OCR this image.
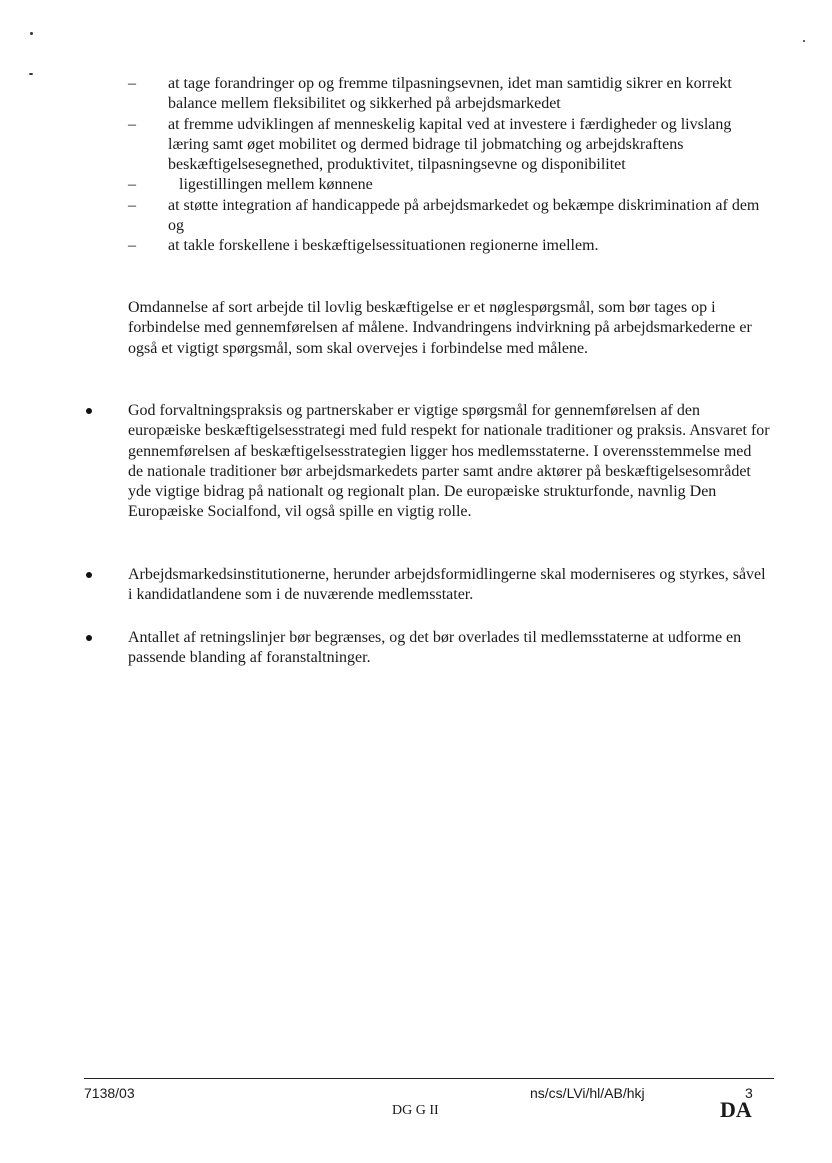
– at tage forandringer op og fremme tilpasningsevnen, idet man samtidig sikrer en korrekt balance mellem fleksibilitet og sikkerhed på arbejdsmarkedet
– at fremme udviklingen af menneskelig kapital ved at investere i færdigheder og livslang læring samt øget mobilitet og dermed bidrage til jobmatching og arbejdskraftens beskæftigelsesegnethed, produktivitet, tilpasningsevne og disponibilitet
–	ligestillingen mellem kønnene
– at støtte integration af handicappede på arbejdsmarkedet og bekæmpe diskrimination af dem og
– at takle forskellene i beskæftigelsessituationen regionerne imellem.

Omdannelse af sort arbejde til lovlig beskæftigelse er et nøglespørgsmål, som bør tages op i forbindelse med gennemførelsen af målene. Indvandringens indvirkning på arbejdsmarkederne er også et vigtigt spørgsmål, som skal overvejes i forbindelse med målene.

God forvaltningspraksis og partnerskaber er vigtige spørgsmål for gennemførelsen af den europæiske beskæftigelsesstrategi med fuld respekt for nationale traditioner og praksis. Ansvaret for gennemførelsen af beskæftigelsesstrategien ligger hos medlemsstaterne. I overensstemmelse med de nationale traditioner bør arbejdsmarkedets parter samt andre aktører på beskæftigelsesområdet yde vigtige bidrag på nationalt og regionalt plan. De europæiske strukturfonde, navnlig Den Europæiske Socialfond, vil også spille en vigtig rolle.

Arbejdsmarkedsinstitutionerne, herunder arbejdsformidlingerne skal moderniseres og styrkes, såvel i kandidatlandene som i de nuværende medlemsstater.

Antallet af retningslinjer bør begrænses, og det bør overlades til medlemsstaterne at udforme en passende blanding af foranstaltninger.

7138/03	ns/cs/LVi/hl/AB/hkj	3
DG G II	DA
